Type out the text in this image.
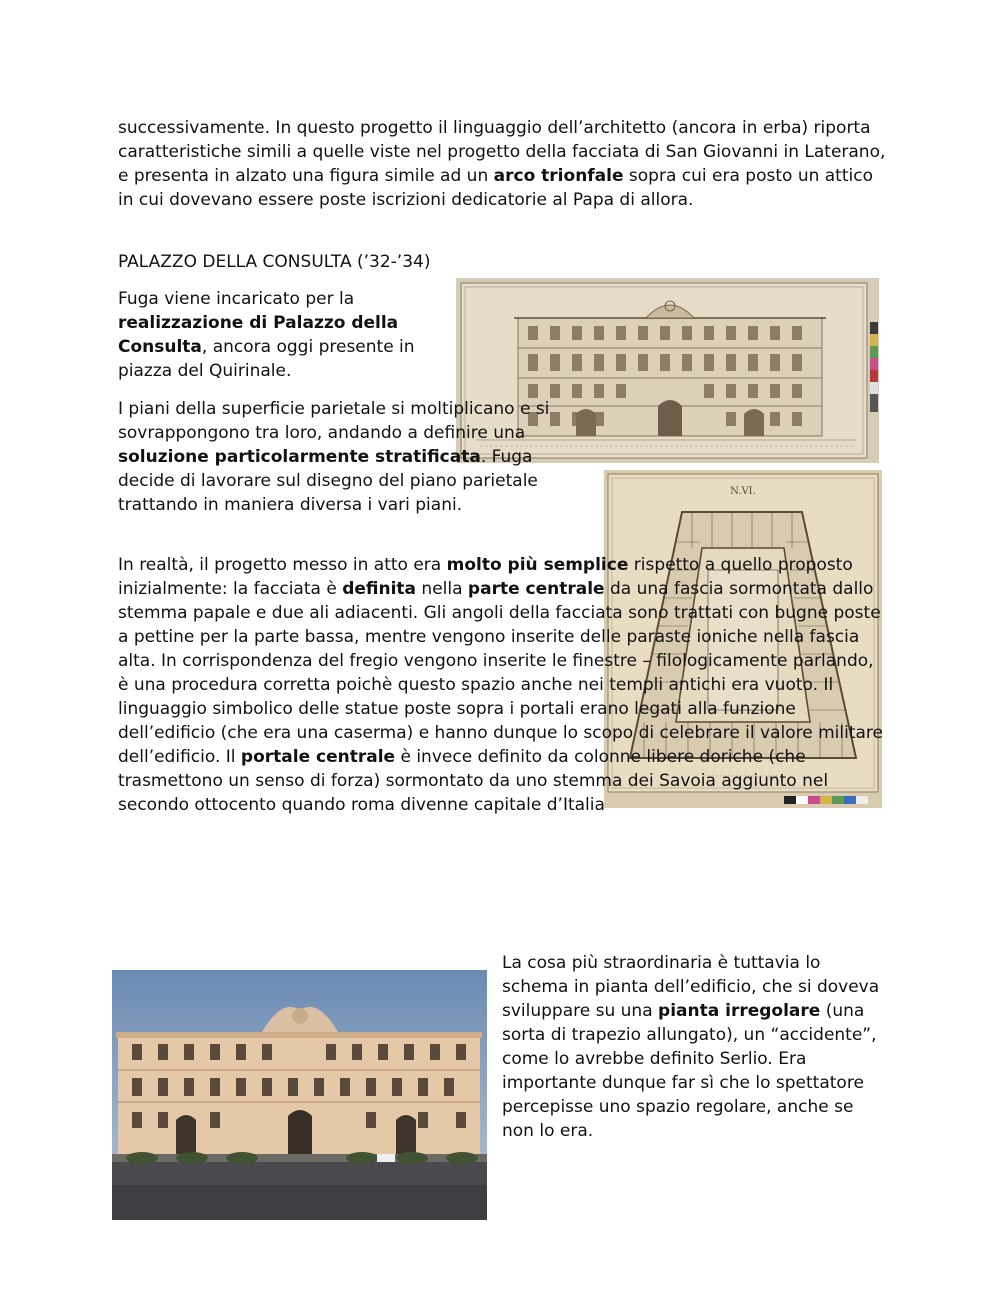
successivamente. In questo progetto il linguaggio dell’architetto (ancora in erba) riporta caratteristiche simili a quelle viste nel progetto della facciata di San Giovanni in Laterano, e presenta in alzato una figura simile ad un arco trionfale sopra cui era posto un attico in cui dovevano essere poste iscrizioni dedicatorie al Papa di allora.

PALAZZO DELLA CONSULTA (’32-’34)

Fuga viene incaricato per la realizzazione di Palazzo della Consulta, ancora oggi presente in piazza del Quirinale.

N.VI.

I piani della superficie parietale si moltiplicano e si sovrappongono tra loro, andando a definire una soluzione particolarmente stratificata. Fuga decide di lavorare sul disegno del piano parietale trattando in maniera diversa i vari piani.

In realtà, il progetto messo in atto era molto più semplice rispetto a quello proposto inizialmente: la facciata è definita nella parte centrale da una fascia sormontata dallo stemma papale e due ali adiacenti. Gli angoli della facciata sono trattati con bugne poste a pettine per la parte bassa, mentre vengono inserite delle paraste ioniche nella fascia alta. In corrispondenza del fregio vengono inserite le finestre – filologicamente parlando, è una procedura corretta poichè questo spazio anche nei templi antichi era vuoto. Il linguaggio simbolico delle statue poste sopra i portali erano legati alla funzione dell’edificio (che era una caserma) e hanno dunque lo scopo di celebrare il valore militare dell’edificio. Il portale centrale è invece definito da colonne libere doriche (che trasmettono un senso di forza) sormontato da uno stemma dei Savoia aggiunto nel secondo ottocento quando roma divenne capitale d’Italia

La cosa più straordinaria è tuttavia lo schema in pianta dell’edificio, che si doveva sviluppare su una pianta irregolare (una sorta di trapezio allungato), un “accidente”, come lo avrebbe definito Serlio. Era importante dunque far sì che lo spettatore percepisse uno spazio regolare, anche se non lo era.
